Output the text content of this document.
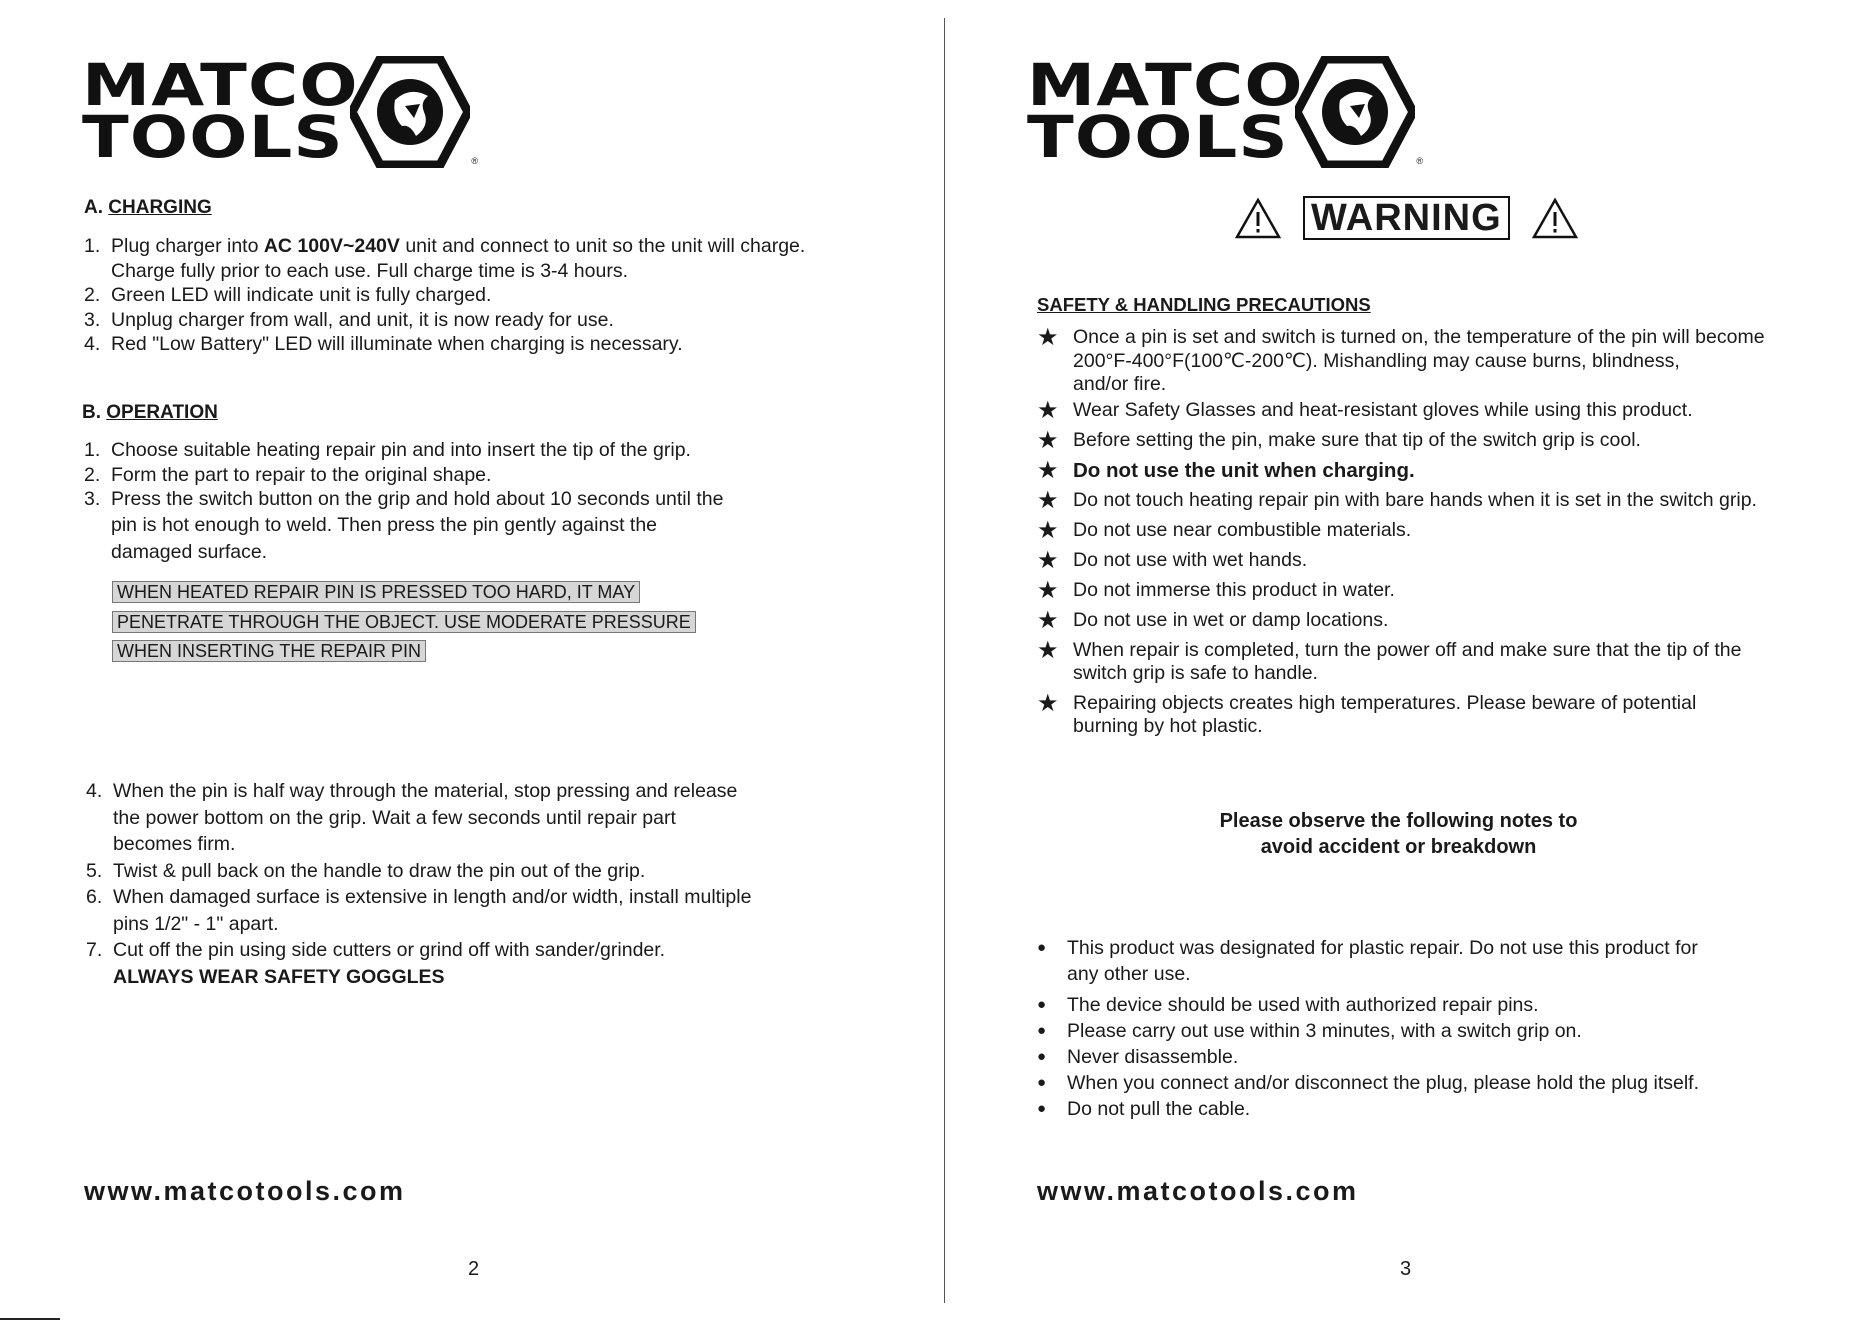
MATCO
TOOLS	®
A. CHARGING
1. Plug charger into AC 100V~240V unit and connect to unit so the unit will charge.
Charge fully prior to each use. Full charge time is 3-4 hours.
2. Green LED will indicate unit is fully charged.
3. Unplug charger from wall, and unit, it is now ready for use.
4. Red "Low Battery" LED will illuminate when charging is necessary.
B. OPERATION
1. Choose suitable heating repair pin and into insert the tip of the grip.
2. Form the part to repair to the original shape.
3. Press the switch button on the grip and hold about 10 seconds until the
pin is hot enough to weld. Then press the pin gently against the
damaged surface.
WHEN HEATED REPAIR PIN IS PRESSED TOO HARD, IT MAY
PENETRATE THROUGH THE OBJECT. USE MODERATE PRESSURE
WHEN INSERTING THE REPAIR PIN
4. When the pin is half way through the material, stop pressing and release
the power bottom on the grip. Wait a few seconds until repair part
becomes firm.
5. Twist & pull back on the handle to draw the pin out of the grip.
6. When damaged surface is extensive in length and/or width, install multiple
pins 1/2" - 1" apart.
7. Cut off the pin using side cutters or grind off with sander/grinder.
ALWAYS WEAR SAFETY GOGGLES
www.matcotools.com
2
MATCO
TOOLS	®
WARNING
SAFETY & HANDLING PRECAUTIONS
★ Once a pin is set and switch is turned on, the temperature of the pin will become
200°F-400°F(100℃-200℃). Mishandling may cause burns, blindness,
and/or fire.
★ Wear Safety Glasses and heat-resistant gloves while using this product.
★ Before setting the pin, make sure that tip of the switch grip is cool.
★ Do not use the unit when charging.
★ Do not touch heating repair pin with bare hands when it is set in the switch grip.
★ Do not use near combustible materials.
★ Do not use with wet hands.
★ Do not immerse this product in water.
★ Do not use in wet or damp locations.
★ When repair is completed, turn the power off and make sure that the tip of the
switch grip is safe to handle.
★ Repairing objects creates high temperatures. Please beware of potential
burning by hot plastic.
Please observe the following notes to
avoid accident or breakdown
●	This product was designated for plastic repair. Do not use this product for
any other use.
●	The device should be used with authorized repair pins.
●	Please carry out use within 3 minutes, with a switch grip on.
●	Never disassemble.
●	When you connect and/or disconnect the plug, please hold the plug itself.
●	Do not pull the cable.
www.matcotools.com
3
